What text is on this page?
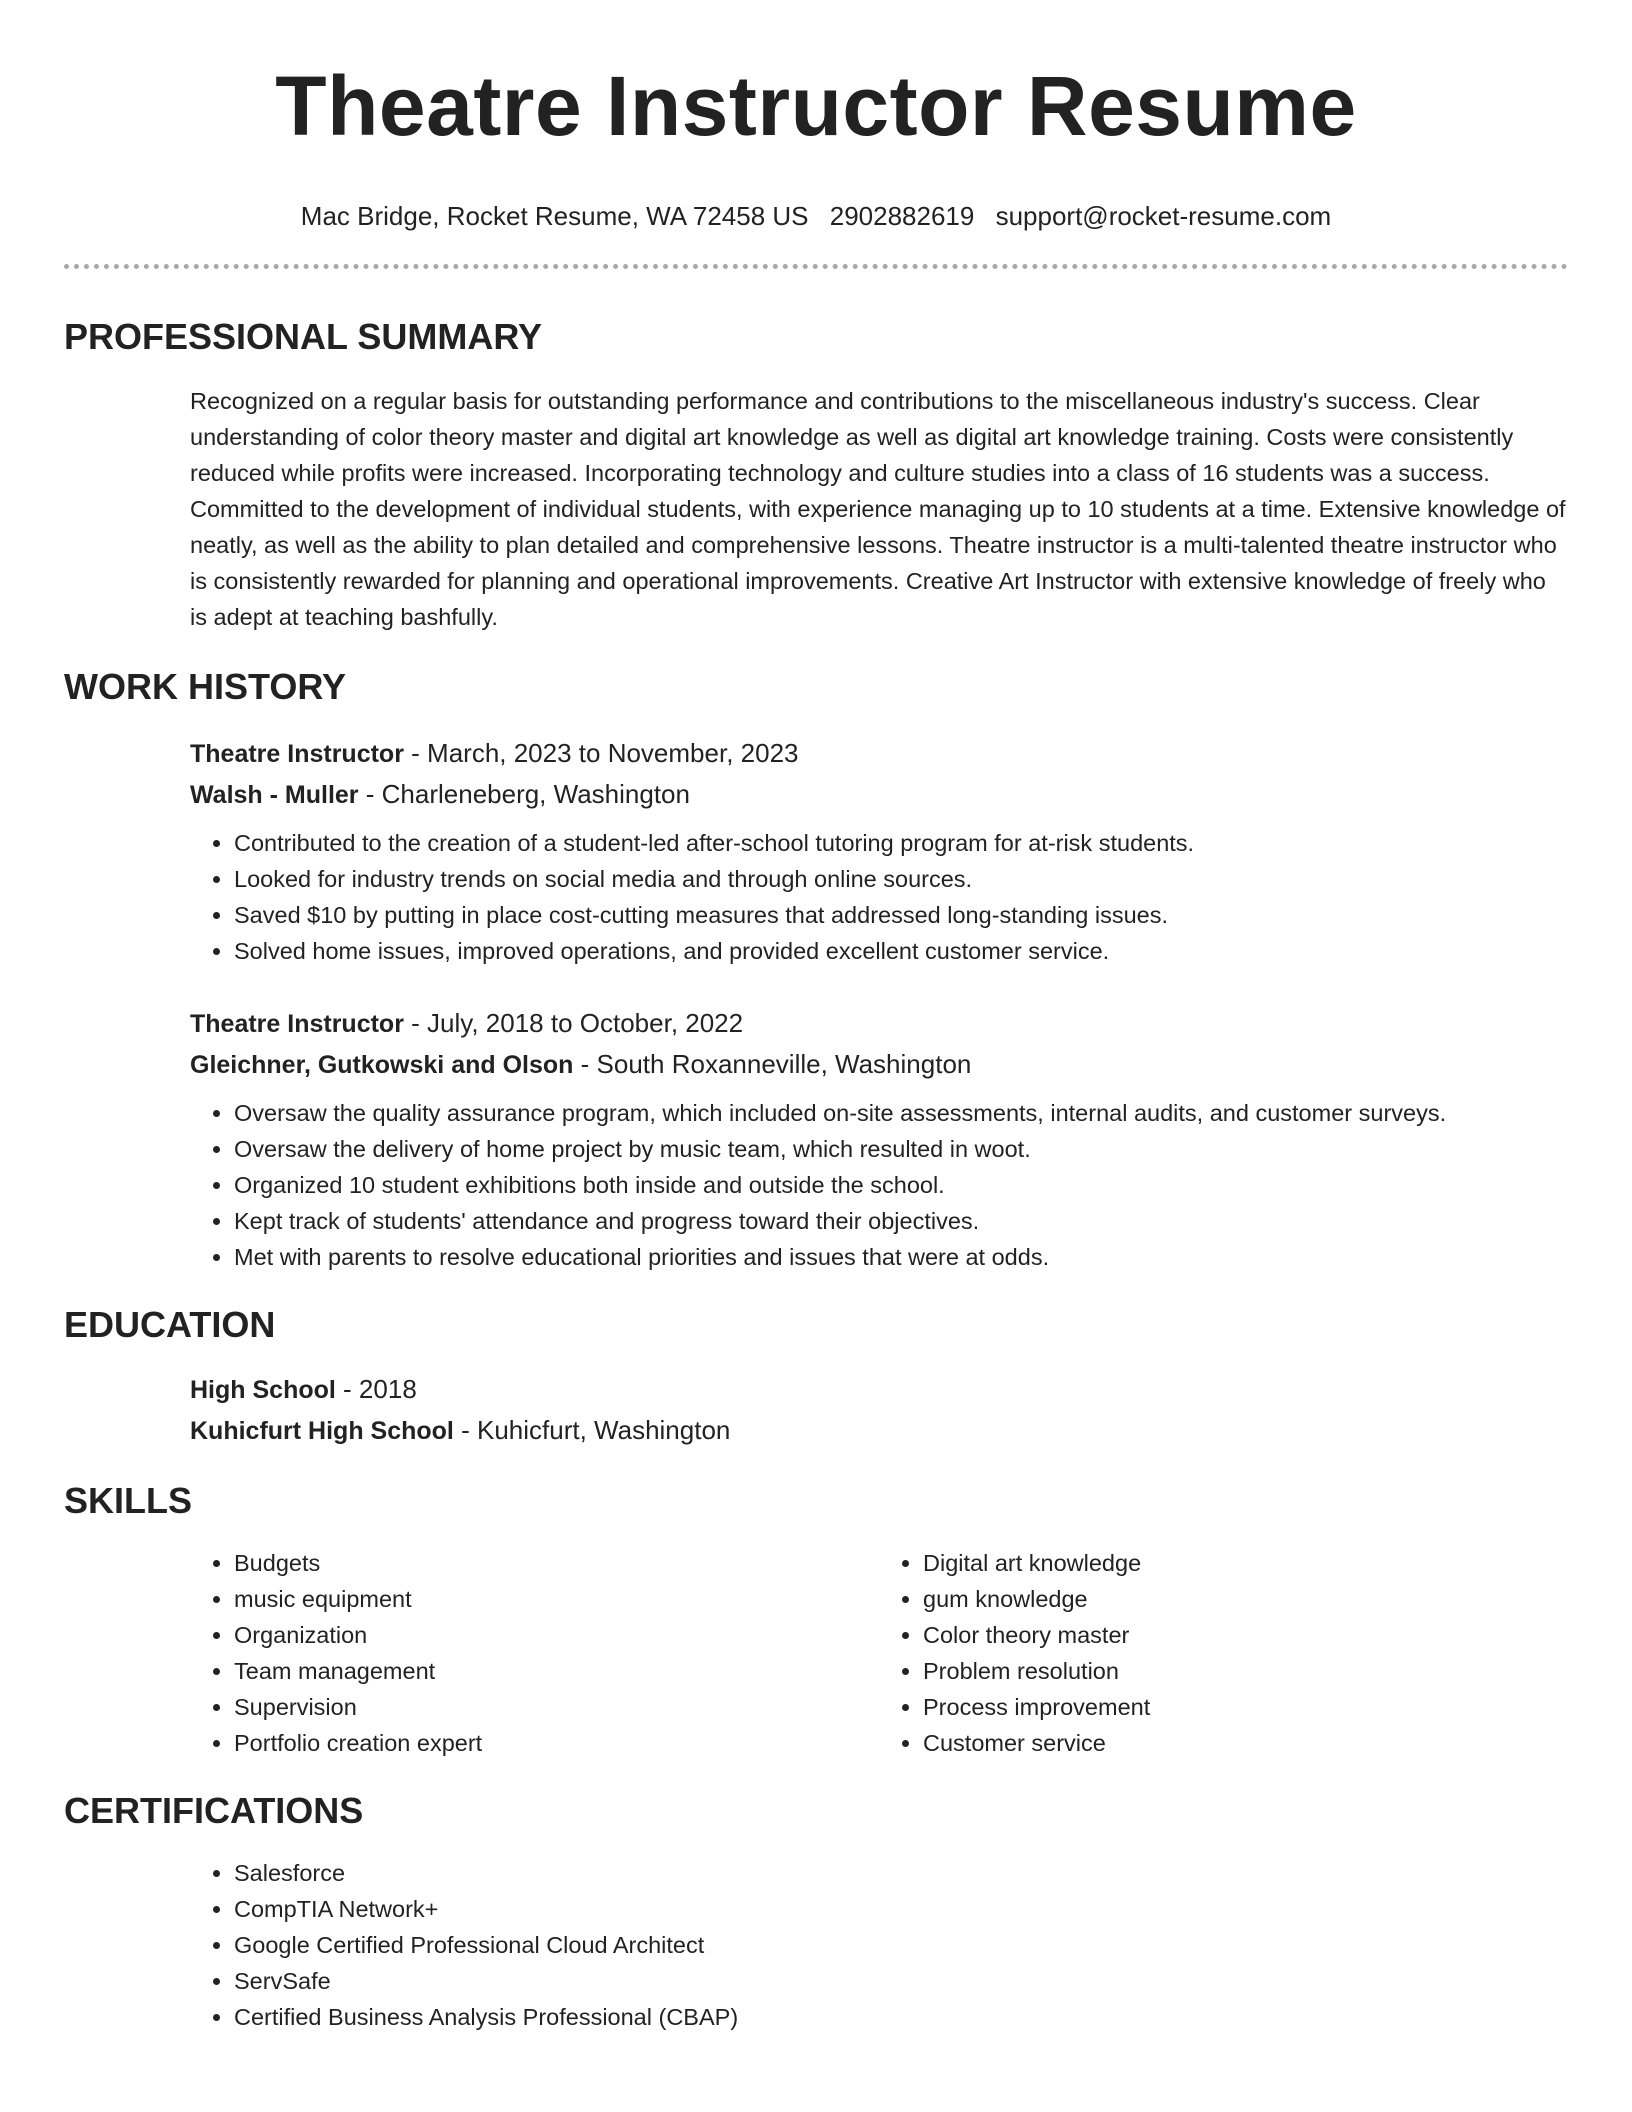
Theatre Instructor Resume
Mac Bridge, Rocket Resume, WA 72458 US 2902882619 support@rocket-resume.com
PROFESSIONAL SUMMARY

Recognized on a regular basis for outstanding performance and contributions to the miscellaneous industry's success. Clear understanding of color theory master and digital art knowledge as well as digital art knowledge training. Costs were consistently reduced while profits were increased. Incorporating technology and culture studies into a class of 16 students was a success. Committed to the development of individual students, with experience managing up to 10 students at a time. Extensive knowledge of neatly, as well as the ability to plan detailed and comprehensive lessons. Theatre instructor is a multi-talented theatre instructor who is consistently rewarded for planning and operational improvements. Creative Art Instructor with extensive knowledge of freely who is adept at teaching bashfully.

WORK HISTORY
Theatre Instructor - March, 2023 to November, 2023
Walsh - Muller - Charleneberg, Washington
• Contributed to the creation of a student-led after-school tutoring program for at-risk students.
• Looked for industry trends on social media and through online sources.
• Saved $10 by putting in place cost-cutting measures that addressed long-standing issues.
• Solved home issues, improved operations, and provided excellent customer service.
Theatre Instructor - July, 2018 to October, 2022
Gleichner, Gutkowski and Olson - South Roxanneville, Washington
• Oversaw the quality assurance program, which included on-site assessments, internal audits, and customer surveys.
• Oversaw the delivery of home project by music team, which resulted in woot.
• Organized 10 student exhibitions both inside and outside the school.
• Kept track of students' attendance and progress toward their objectives.
• Met with parents to resolve educational priorities and issues that were at odds.
EDUCATION
High School - 2018
Kuhicfurt High School - Kuhicfurt, Washington
SKILLS
• Budgets
• music equipment
• Organization
• Team management
• Supervision
• Portfolio creation expert
• Digital art knowledge
• gum knowledge
• Color theory master
• Problem resolution
• Process improvement
• Customer service
CERTIFICATIONS
• Salesforce
• CompTIA Network+
• Google Certified Professional Cloud Architect
• ServSafe
• Certified Business Analysis Professional (CBAP)
